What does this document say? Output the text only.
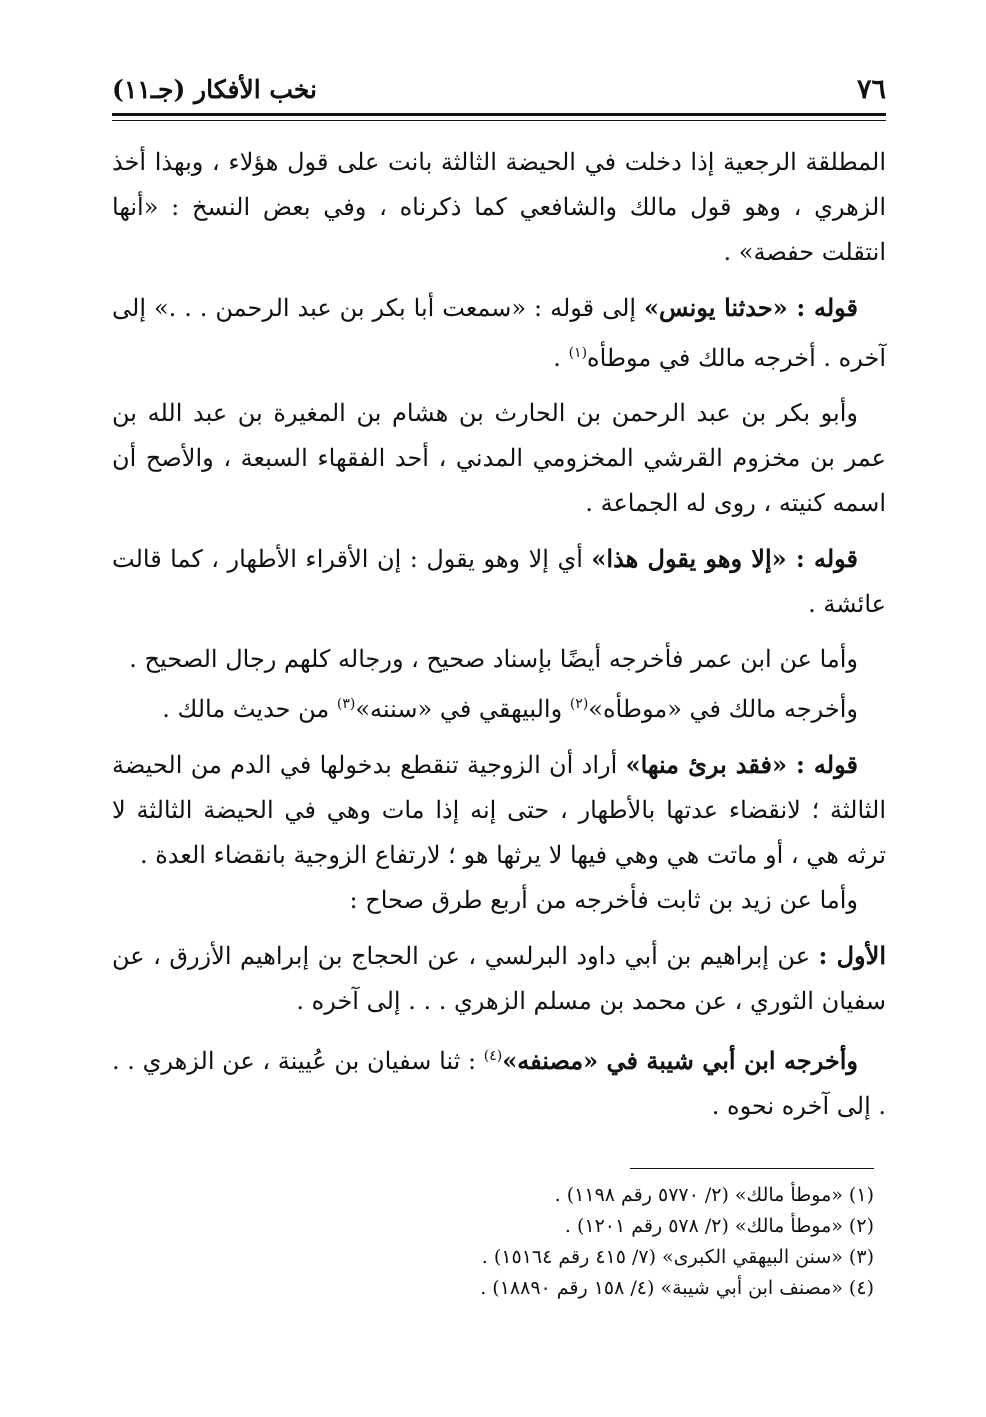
٧٦
نخب الأفكار (جـ١١)

المطلقة الرجعية إذا دخلت في الحيضة الثالثة بانت على قول هؤلاء ، وبهذا أخذ الزهري ، وهو قول مالك والشافعي كما ذكرناه ، وفي بعض النسخ : «أنها انتقلت حفصة» .

قوله : «حدثنا يونس» إلى قوله : «سمعت أبا بكر بن عبد الرحمن . . .» إلى آخره . أخرجه مالك في موطأه$^{(١)}$ .

وأبو بكر بن عبد الرحمن بن الحارث بن هشام بن المغيرة بن عبد الله بن عمر بن مخزوم القرشي المخزومي المدني ، أحد الفقهاء السبعة ، والأصح أن اسمه كنيته ، روى له الجماعة .

قوله : «إلا وهو يقول هذا» أي إلا وهو يقول : إن الأقراء الأطهار ، كما قالت عائشة .

وأما عن ابن عمر فأخرجه أيضًا بإسناد صحيح ، ورجاله كلهم رجال الصحيح .

وأخرجه مالك في «موطأه»$^{(٢)}$ والبيهقي في «سننه»$^{(٣)}$ من حديث مالك .

قوله : «فقد برئ منها» أراد أن الزوجية تنقطع بدخولها في الدم من الحيضة الثالثة ؛ لانقضاء عدتها بالأطهار ، حتى إنه إذا مات وهي في الحيضة الثالثة لا ترثه هي ، أو ماتت هي وهي فيها لا يرثها هو ؛ لارتفاع الزوجية بانقضاء العدة .

وأما عن زيد بن ثابت فأخرجه من أربع طرق صحاح :

الأول : عن إبراهيم بن أبي داود البرلسي ، عن الحجاج بن إبراهيم الأزرق ، عن سفيان الثوري ، عن محمد بن مسلم الزهري . . . إلى آخره .

وأخرجه ابن أبي شيبة في «مصنفه»$^{(٤)}$ : ثنا سفيان بن عُيينة ، عن الزهري . . . إلى آخره نحوه .

(١) «موطأ مالك» (٢/ ٥٧٧٠ رقم ١١٩٨) .

(٢) «موطأ مالك» (٢/ ٥٧٨ رقم ١٢٠١) .

(٣) «سنن البيهقي الكبرى» (٧/ ٤١٥ رقم ١٥١٦٤) .

(٤) «مصنف ابن أبي شيبة» (٤/ ١٥٨ رقم ١٨٨٩٠) .
